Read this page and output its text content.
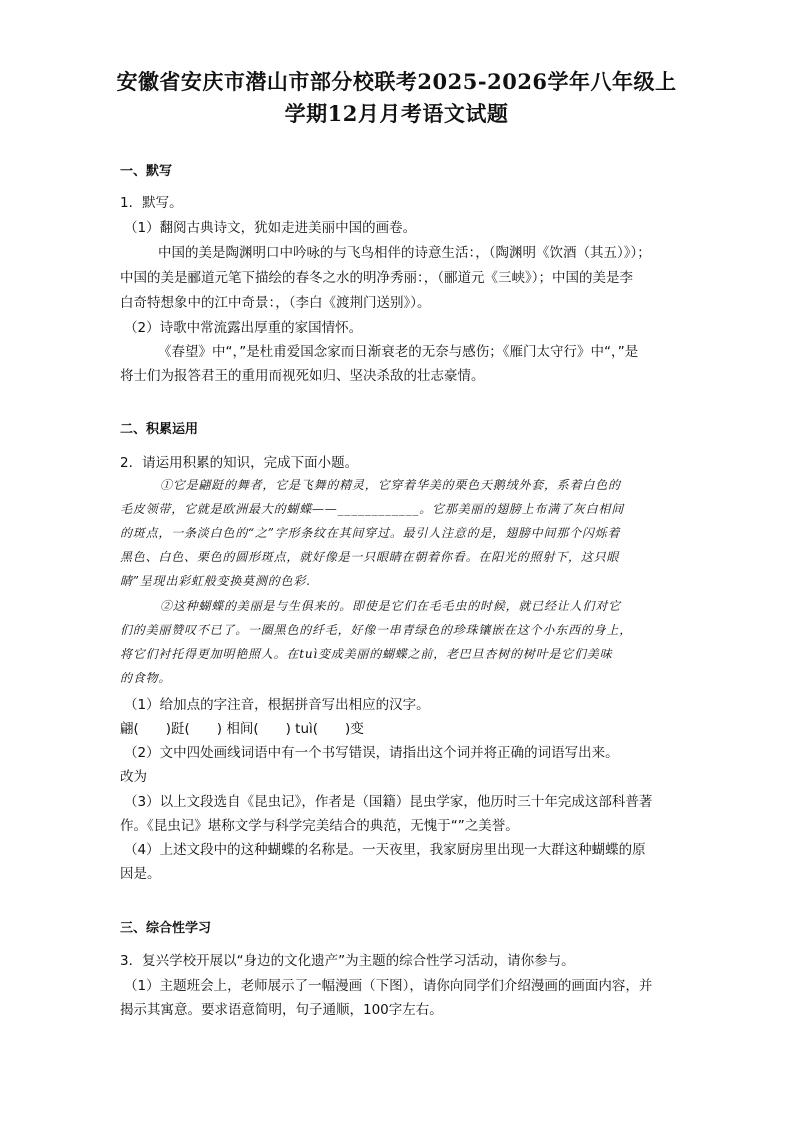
安徽省安庆市潜山市部分校联考2025-2026学年八年级上
学期12月月考语文试题
一、默写
1．默写。
（1）翻阅古典诗文，犹如走进美丽中国的画卷。
中国的美是陶渊明口中吟咏的与飞鸟相伴的诗意生活：，（陶渊明《饮酒（其五）》）；
中国的美是郦道元笔下描绘的春冬之水的明净秀丽：，（郦道元《三峡》）；中国的美是李
白奇特想象中的江中奇景：，（李白《渡荆门送别》）。
（2）诗歌中常流露出厚重的家国情怀。
《春望》中“，”是杜甫爱国念家而日渐衰老的无奈与感伤；《雁门太守行》中“，”是
将士们为报答君王的重用而视死如归、坚决杀敌的壮志豪情。
二、积累运用
2．请运用积累的知识，完成下面小题。
①它是翩跹的舞者，它是飞舞的精灵，它穿着华美的栗色天鹅绒外套，系着白色的
毛皮领带，它就是欧洲最大的蝴蝶——____________。它那美丽的翅膀上布满了灰白相间
的斑点，一条淡白色的“之”字形条纹在其间穿过。最引人注意的是，翅膀中间那个闪烁着
黑色、白色、栗色的圆形斑点，就好像是一只眼睛在朝着你看。在阳光的照射下，这只眼
睛”呈现出彩虹般变换莫测的色彩.
②这种蝴蝶的美丽是与生俱来的。即使是它们在毛毛虫的时候，就已经让人们对它
们的美丽赞叹不已了。一圈黑色的纤毛，好像一串青绿色的珍珠镶嵌在这个小东西的身上，
将它们衬托得更加明艳照人。在tuì变成美丽的蝴蝶之前，老巴旦杏树的树叶是它们美味
的食物。
（1）给加点的字注音，根据拼音写出相应的汉字。
翩(　　)跹(　　) 相间(　　) tuì(　　)变
（2）文中四处画线词语中有一个书写错误，请指出这个词并将正确的词语写出来。
改为
（3）以上文段选自《昆虫记》，作者是（国籍）昆虫学家，他历时三十年完成这部科普著
作。《昆虫记》堪称文学与科学完美结合的典范，无愧于“”之美誉。
（4）上述文段中的这种蝴蝶的名称是。一天夜里，我家厨房里出现一大群这种蝴蝶的原
因是。
三、综合性学习
3．复兴学校开展以“身边的文化遗产”为主题的综合性学习活动，请你参与。
（1）主题班会上，老师展示了一幅漫画（下图），请你向同学们介绍漫画的画面内容，并
揭示其寓意。要求语意简明，句子通顺，100字左右。
